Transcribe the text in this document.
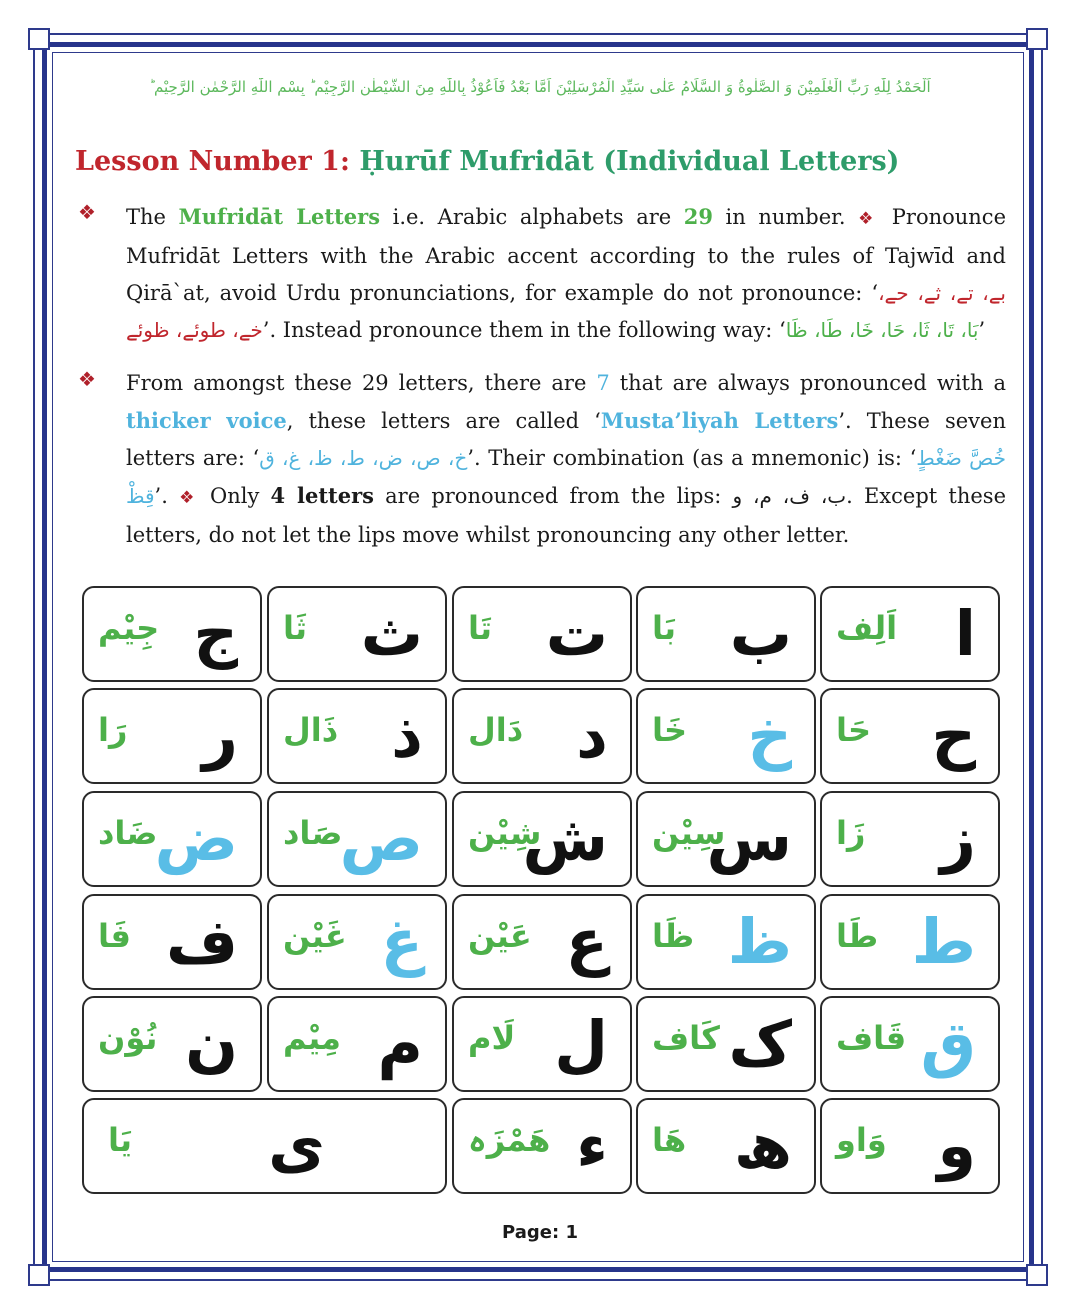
اَلْحَمْدُ لِلّٰهِ رَبِّ الْعٰلَمِیْنَ وَ الصَّلٰوةُ وَ السَّلَامُ عَلٰی سَیِّدِ الْمُرْسَلِیْنَ اَمَّا بَعْدُ فَاَعُوْذُ بِاللّٰهِ مِنَ الشَّیْطٰنِ الرَّجِیْمِ ؕ بِسْمِ اللّٰهِ الرَّحْمٰنِ الرَّحِیْمِ ؕ
Lesson Number 1: Ḥurūf Mufridāt (Individual Letters)
❖ The Mufridāt Letters i.e. Arabic alphabets are 29 in number. ❖ Pronounce Mufridāt Letters with the Arabic accent according to the rules of Tajwīd and Qirā`at, avoid Urdu pronunciations, for example do not pronounce: ‘بے، تے، ثے، حے، خے، طوئے، ظوئے’. Instead pronounce them in the following way: ‘بَا، تَا، ثَا، حَا، خَا، طَا، ظَا’
❖ From amongst these 29 letters, there are 7 that are always pronounced with a thicker voice, these letters are called ‘Musta’liyah Letters’. These seven letters are: ‘خ، ص، ض، ط، ظ، غ، ق’. Their combination (as a mnemonic) is: ‘خُصَّ ضَغْطٍ قِظْ’. ❖ Only 4 letters are pronounced from the lips: ب، ف، م، و. Except these letters, do not let the lips move whilst pronouncing any other letter.
ا
اَلِف
ب
بَا
ت
تَا
ث
ثَا
ج
جِیْم
ح
حَا
خ
خَا
د
دَال
ذ
ذَال
ر
رَا
ز
زَا
س
سِیْن
ش
شِیْن
ص
صَاد
ض
ضَاد
ط
طَا
ظ
ظَا
ع
عَیْن
غ
غَیْن
ف
فَا
ق
قَاف
ک
کَاف
ل
لَام
م
مِیْم
ن
نُوْن
و
وَاو
ھ
ھَا
ء
ھَمْزَہ
ی
یَا
Page: 1
